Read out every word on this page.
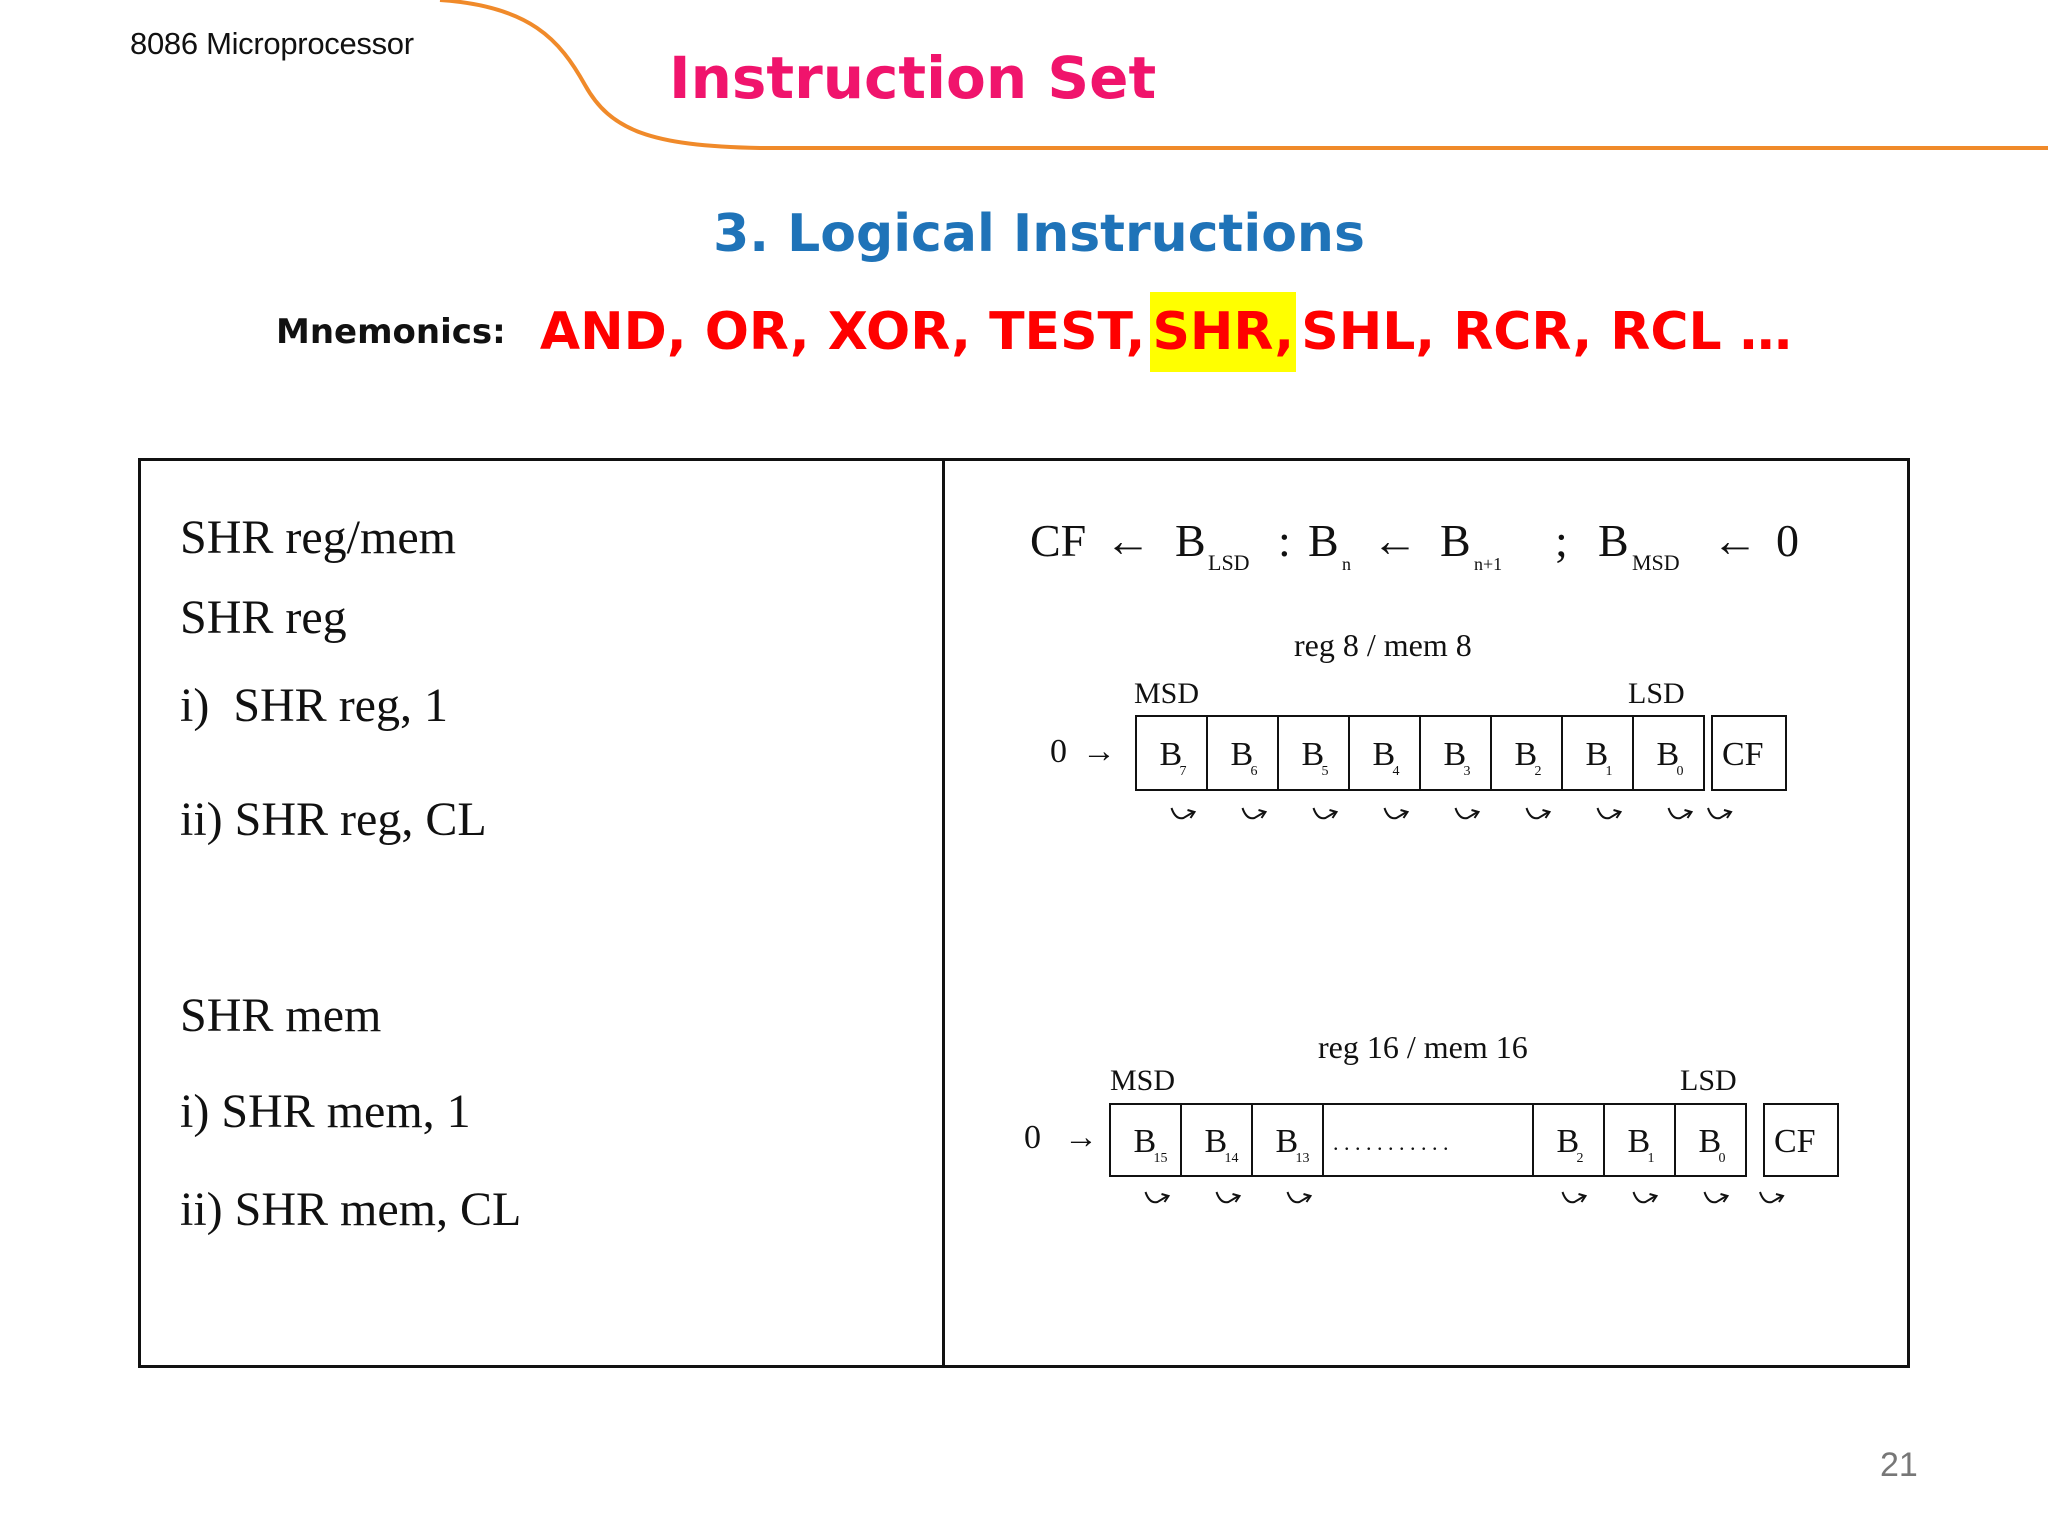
8086 Microprocessor
Instruction Set
3. Logical Instructions
Mnemonics: AND, OR, XOR, TEST, SHR, SHL, RCR, RCL …
SHR reg/mem
SHR reg
i)  SHR reg, 1
ii) SHR reg, CL
SHR mem
i) SHR mem, 1
ii) SHR mem, CL
CF ← B LSD : B n ← B n+1 ; B MSD ← 0
reg 8 / mem 8
MSD	LSD
0 → B
7 B
6 B
5 B
4 B
3 B
2 B
1 B
0 CF
reg 16 / mem 16
MSD	LSD
0 → B
15 B
14 B
13
. . . . . . . . . . .	B
2 B
1 B
0 CF
21
